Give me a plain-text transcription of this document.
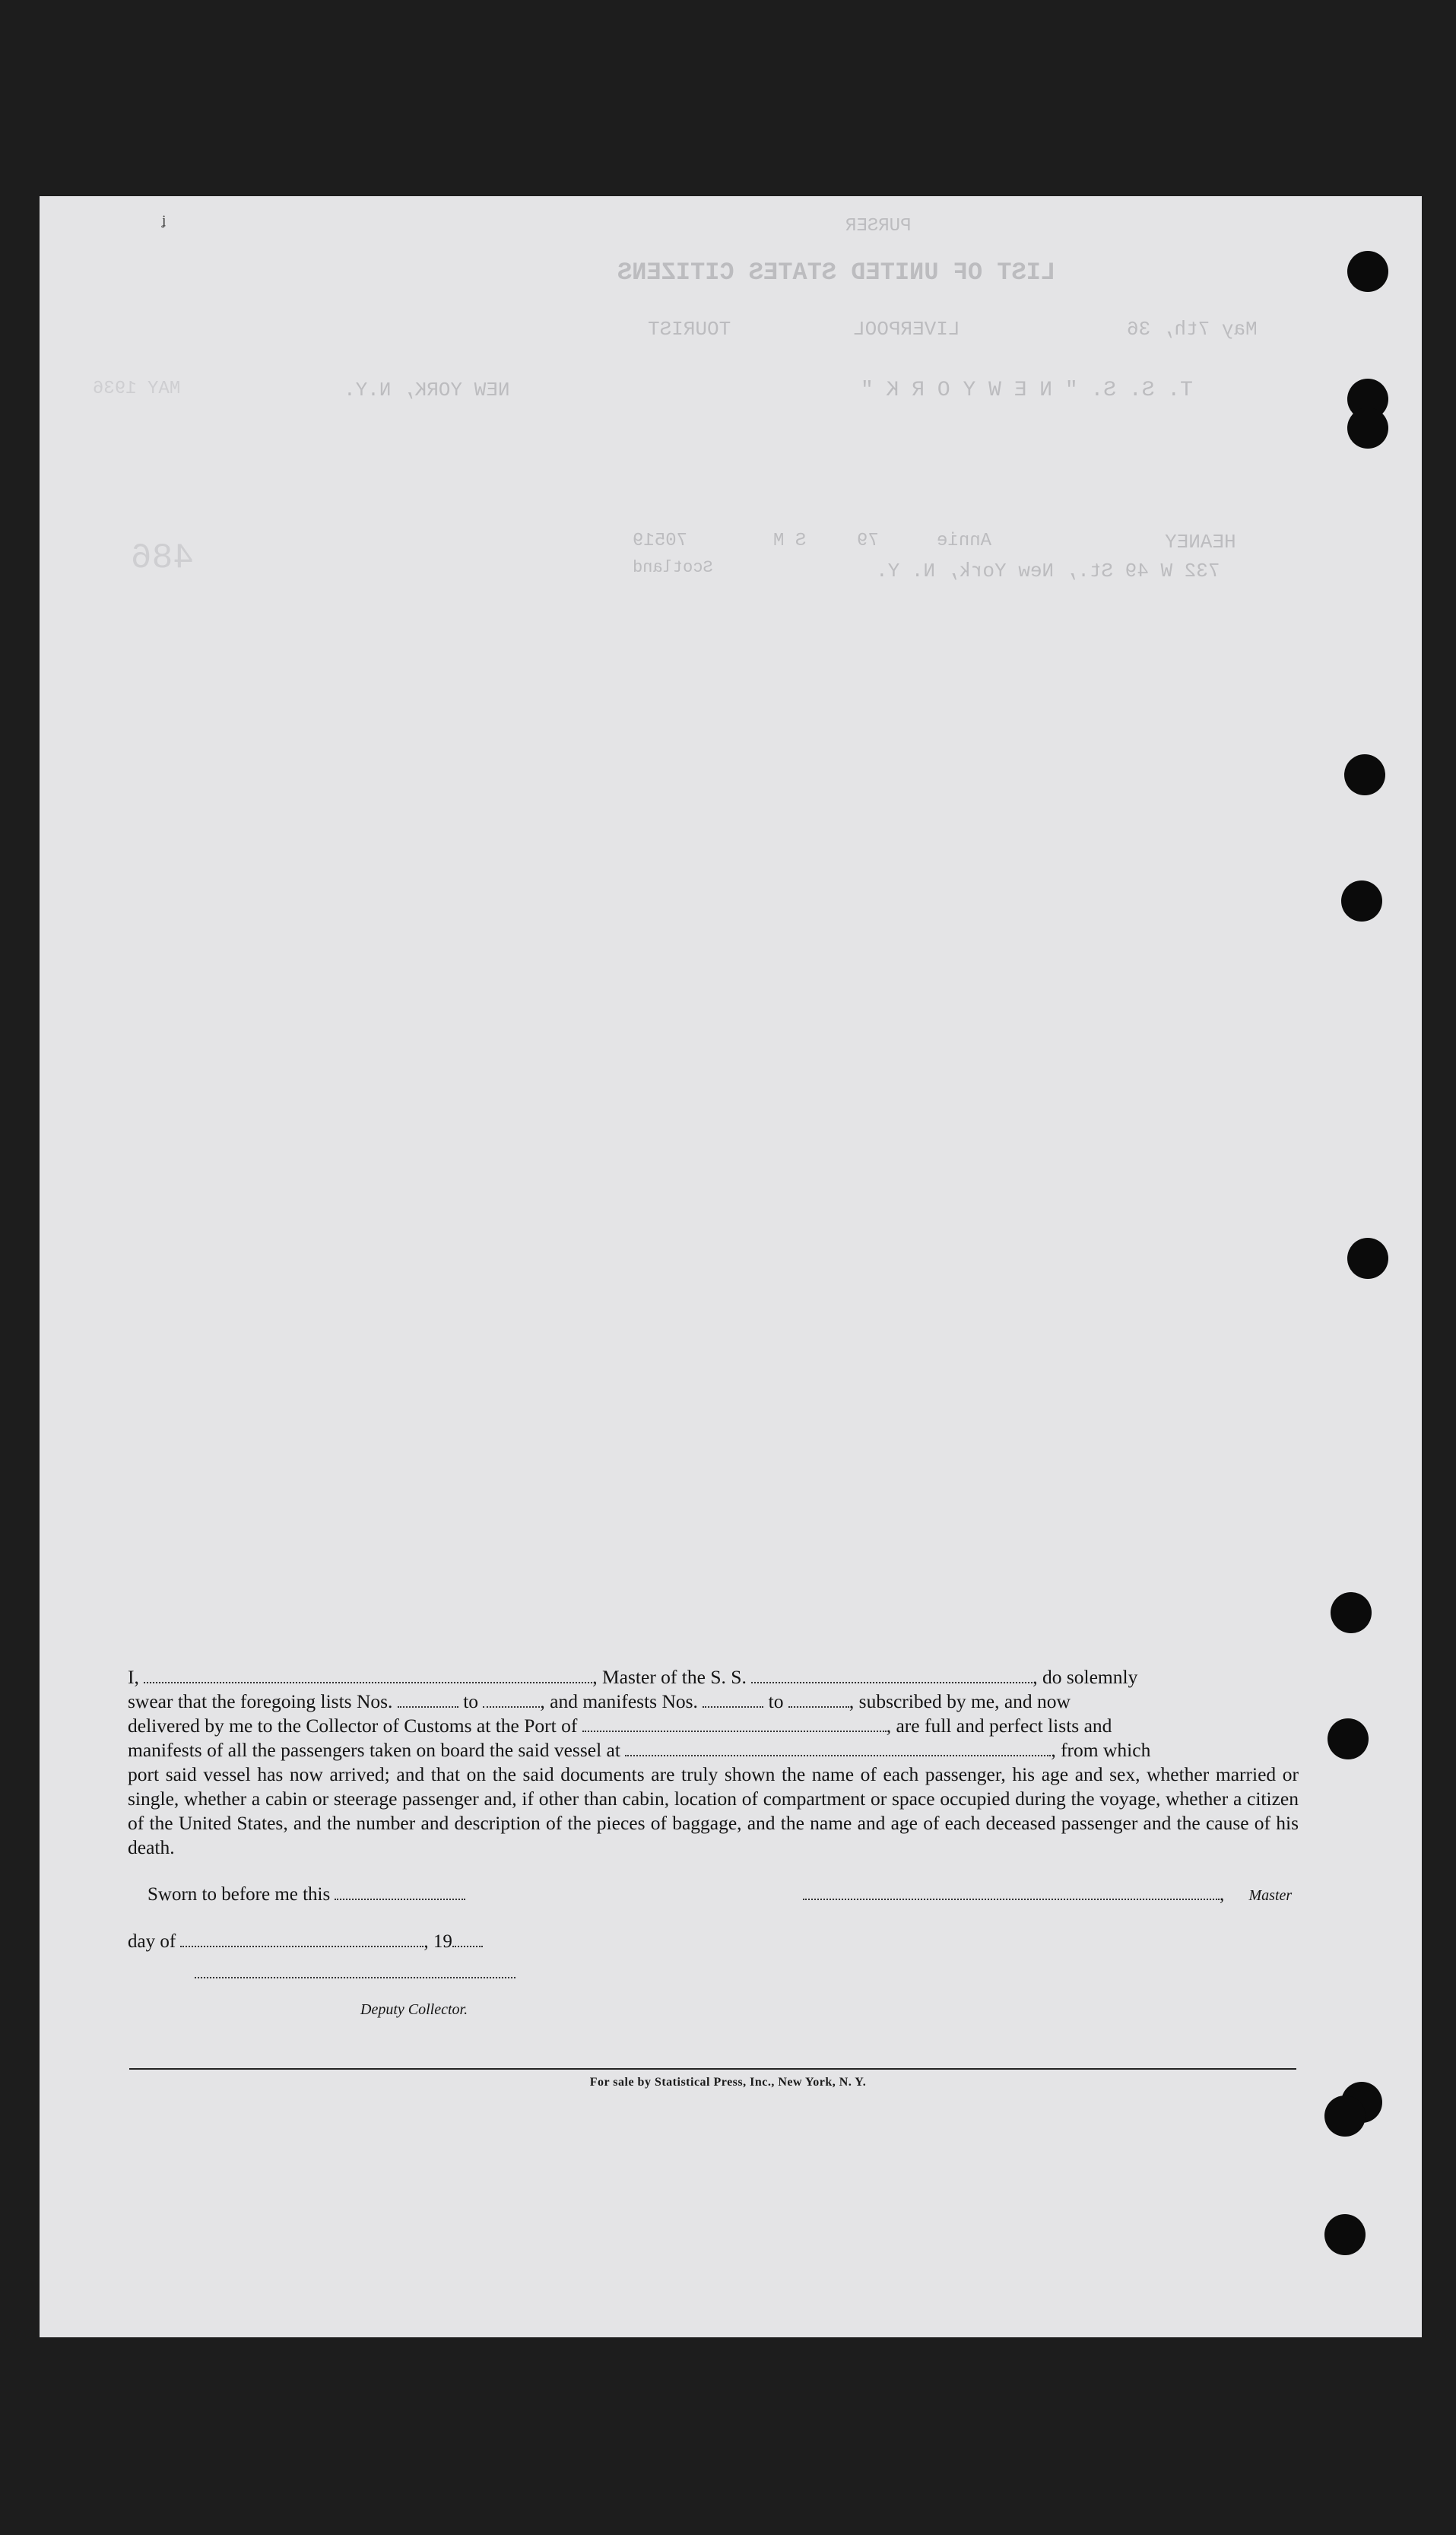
PURSER
LIST OF UNITED STATES CITIZENS
TOURIST	LIVERPOOL	May 7th, 36
T. S. S. " N E W Y O R K "
NEW YORK, N.Y.
MAY 1936
HEANEY
Annie
79
S M
732 W 49 St., New York, N. Y.
Scotland
70519
486
ᶨ

I,	, Master of the S. S.	, do solemnly

swear that the foregoing lists Nos.	to	, and manifests Nos.	to	, subscribed by me, and now

delivered by me to the Collector of Customs at the Port of	, are full and perfect lists and

manifests of all the passengers taken on board the said vessel at	, from which

port said vessel has now arrived; and that on the said documents are truly shown the name of each passenger, his age and sex, whether married or single, whether a cabin or steerage passenger and, if other than cabin, location of compartment or space occupied during the voyage, whether a citizen of the United States, and the number and description of the pieces of baggage, and the name and age of each deceased passenger and the cause of his death.

Sworn to before me this	, Master
day of	, 19
Deputy Collector.
For sale by Statistical Press, Inc., New York, N. Y.
